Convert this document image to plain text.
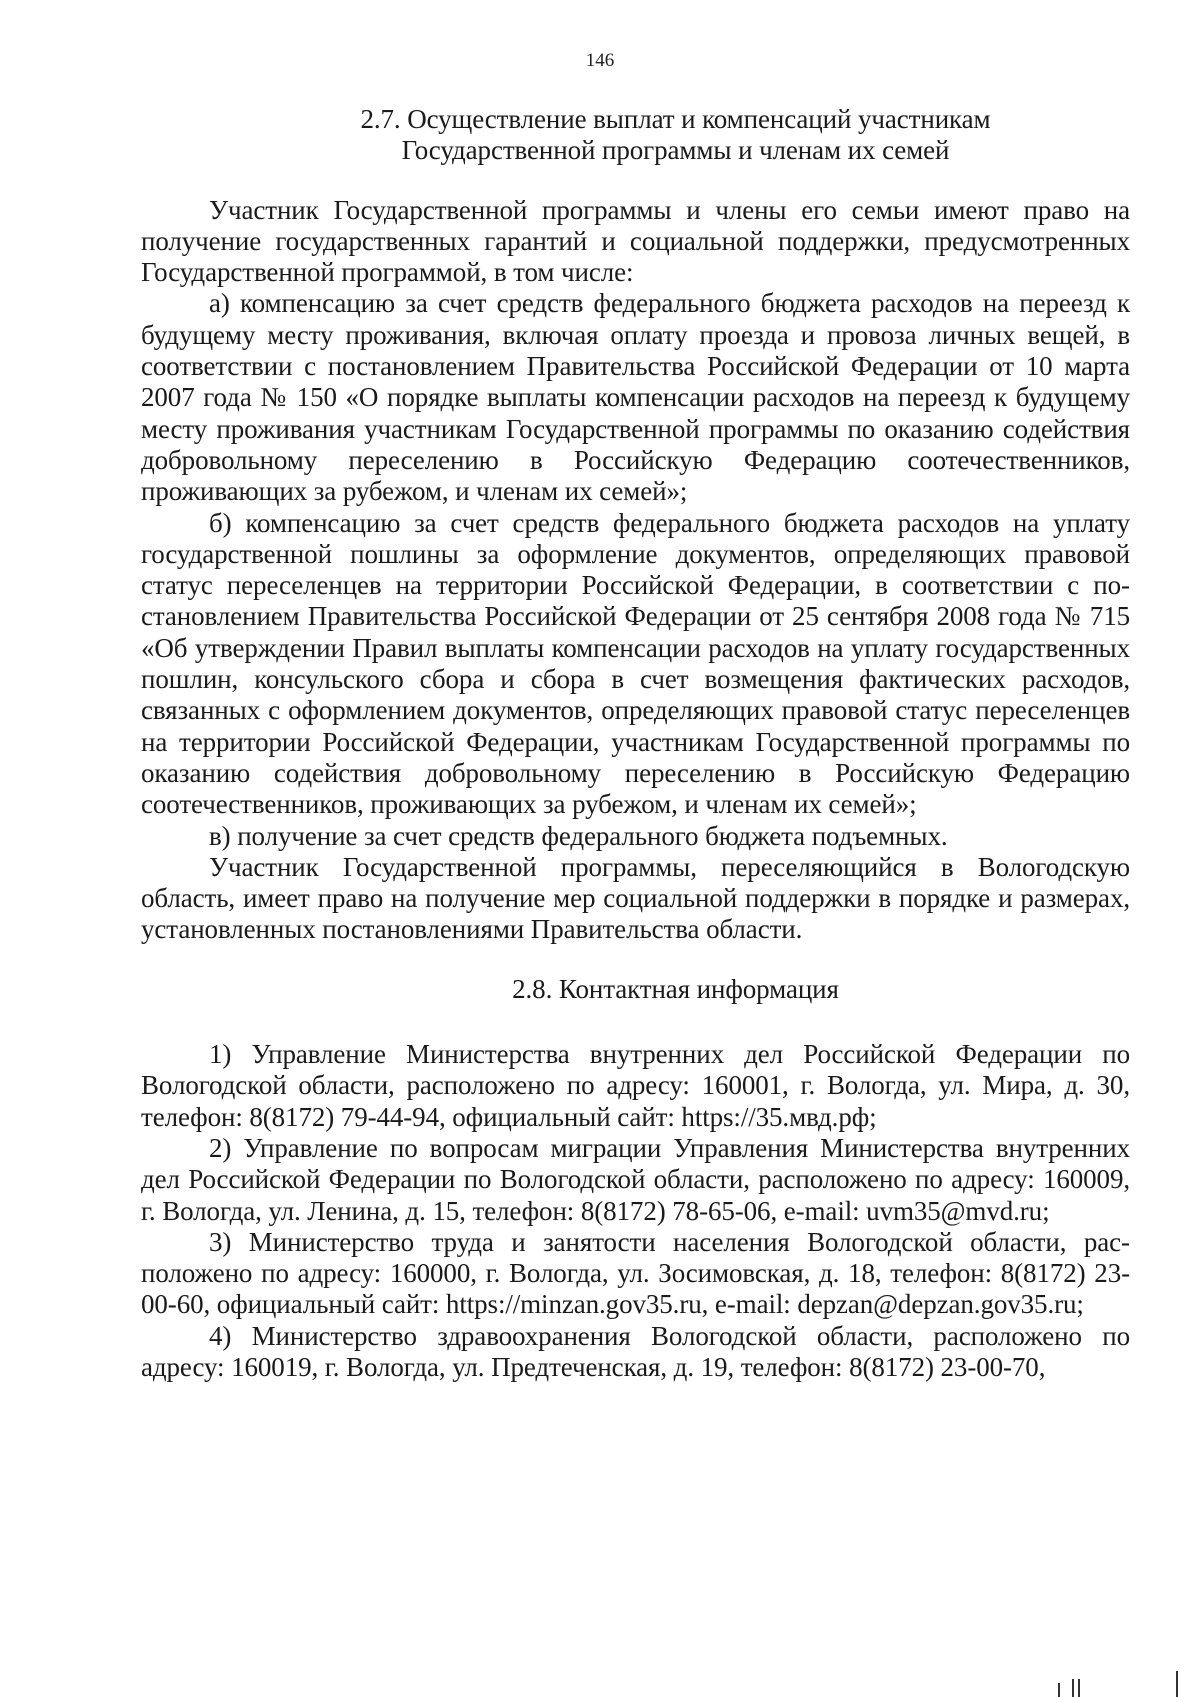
146
2.7. Осуществление выплат и компенсаций участникам
Государственной программы и членам их семей

Участник Государственной программы и члены его семьи имеют право на получение государственных гарантий и социальной поддержки, предусмотренных Государственной программой, в том числе:

а) компенсацию за счет средств федерального бюджета расходов на переезд к будущему месту проживания, включая оплату проезда и провоза личных вещей, в соответствии с постановлением Правительства Российской Федерации от 10 марта 2007 года № 150 «О порядке выплаты компенсации расходов на переезд к будущему месту проживания участникам Государственной программы по оказанию содействия добровольному переселению в Российскую Федерацию соотечественников, проживающих за рубежом, и членам их семей»;

б) компенсацию за счет средств федерального бюджета расходов на уплату государственной пошлины за оформление документов, определяющих правовой статус переселенцев на территории Российской Федерации, в соответствии с постановлением Правительства Российской Федерации от 25 сентября 2008 года № 715 «Об утверждении Правил выплаты компенсации расходов на уплату государственных пошлин, консульского сбора и сбора в счет возмещения фактических расходов, связанных с оформлением документов, определяющих правовой статус переселенцев на территории Российской Федерации, участникам Государственной программы по оказанию содействия добровольному переселению в Российскую Федерацию соотечественников, проживающих за рубежом, и членам их семей»;

в) получение за счет средств федерального бюджета подъемных.

Участник Государственной программы, переселяющийся в Вологодскую область, имеет право на получение мер социальной поддержки в порядке и размерах, установленных постановлениями Правительства области.

2.8. Контактная информация

1) Управление Министерства внутренних дел Российской Федерации по Вологодской области, расположено по адресу: 160001, г. Вологда, ул. Мира, д. 30, телефон: 8(8172) 79-44-94, официальный сайт: https://35.мвд.рф;

2) Управление по вопросам миграции Управления Министерства внутренних дел Российской Федерации по Вологодской области, расположено по адресу: 160009, г. Вологда, ул. Ленина, д. 15, телефон: 8(8172) 78-65-06, e-mail: uvm35@mvd.ru;

3) Министерство труда и занятости населения Вологодской области, расположено по адресу: 160000, г. Вологда, ул. Зосимовская, д. 18, телефон: 8(8172) 23-00-60, официальный сайт: https://minzan.gov35.ru, e-mail: depzan@depzan.gov35.ru;

4) Министерство здравоохранения Вологодской области, расположено по адресу: 160019, г. Вологда, ул. Предтеченская, д. 19, телефон: 8(8172) 23-00-70,
